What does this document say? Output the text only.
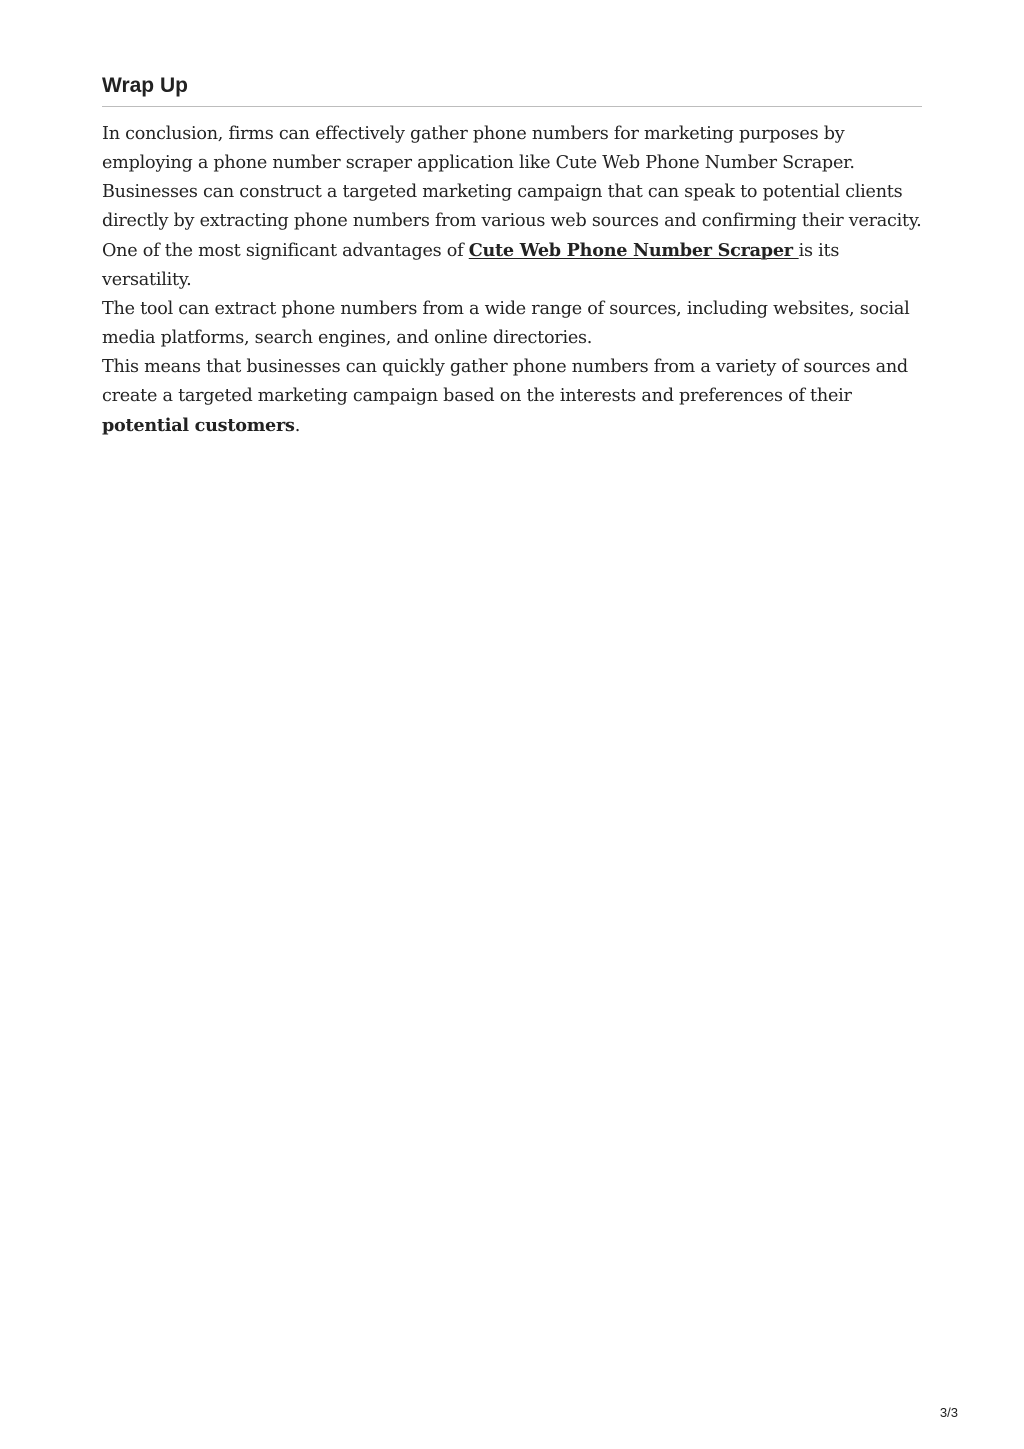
Wrap Up

In conclusion, firms can effectively gather phone numbers for marketing purposes by employing a phone number scraper application like Cute Web Phone Number Scraper. Businesses can construct a targeted marketing campaign that can speak to potential clients directly by extracting phone numbers from various web sources and confirming their veracity.

One of the most significant advantages of Cute Web Phone Number Scraper is its versatility.

The tool can extract phone numbers from a wide range of sources, including websites, social media platforms, search engines, and online directories.

This means that businesses can quickly gather phone numbers from a variety of sources and create a targeted marketing campaign based on the interests and preferences of their potential customers.

3/3
